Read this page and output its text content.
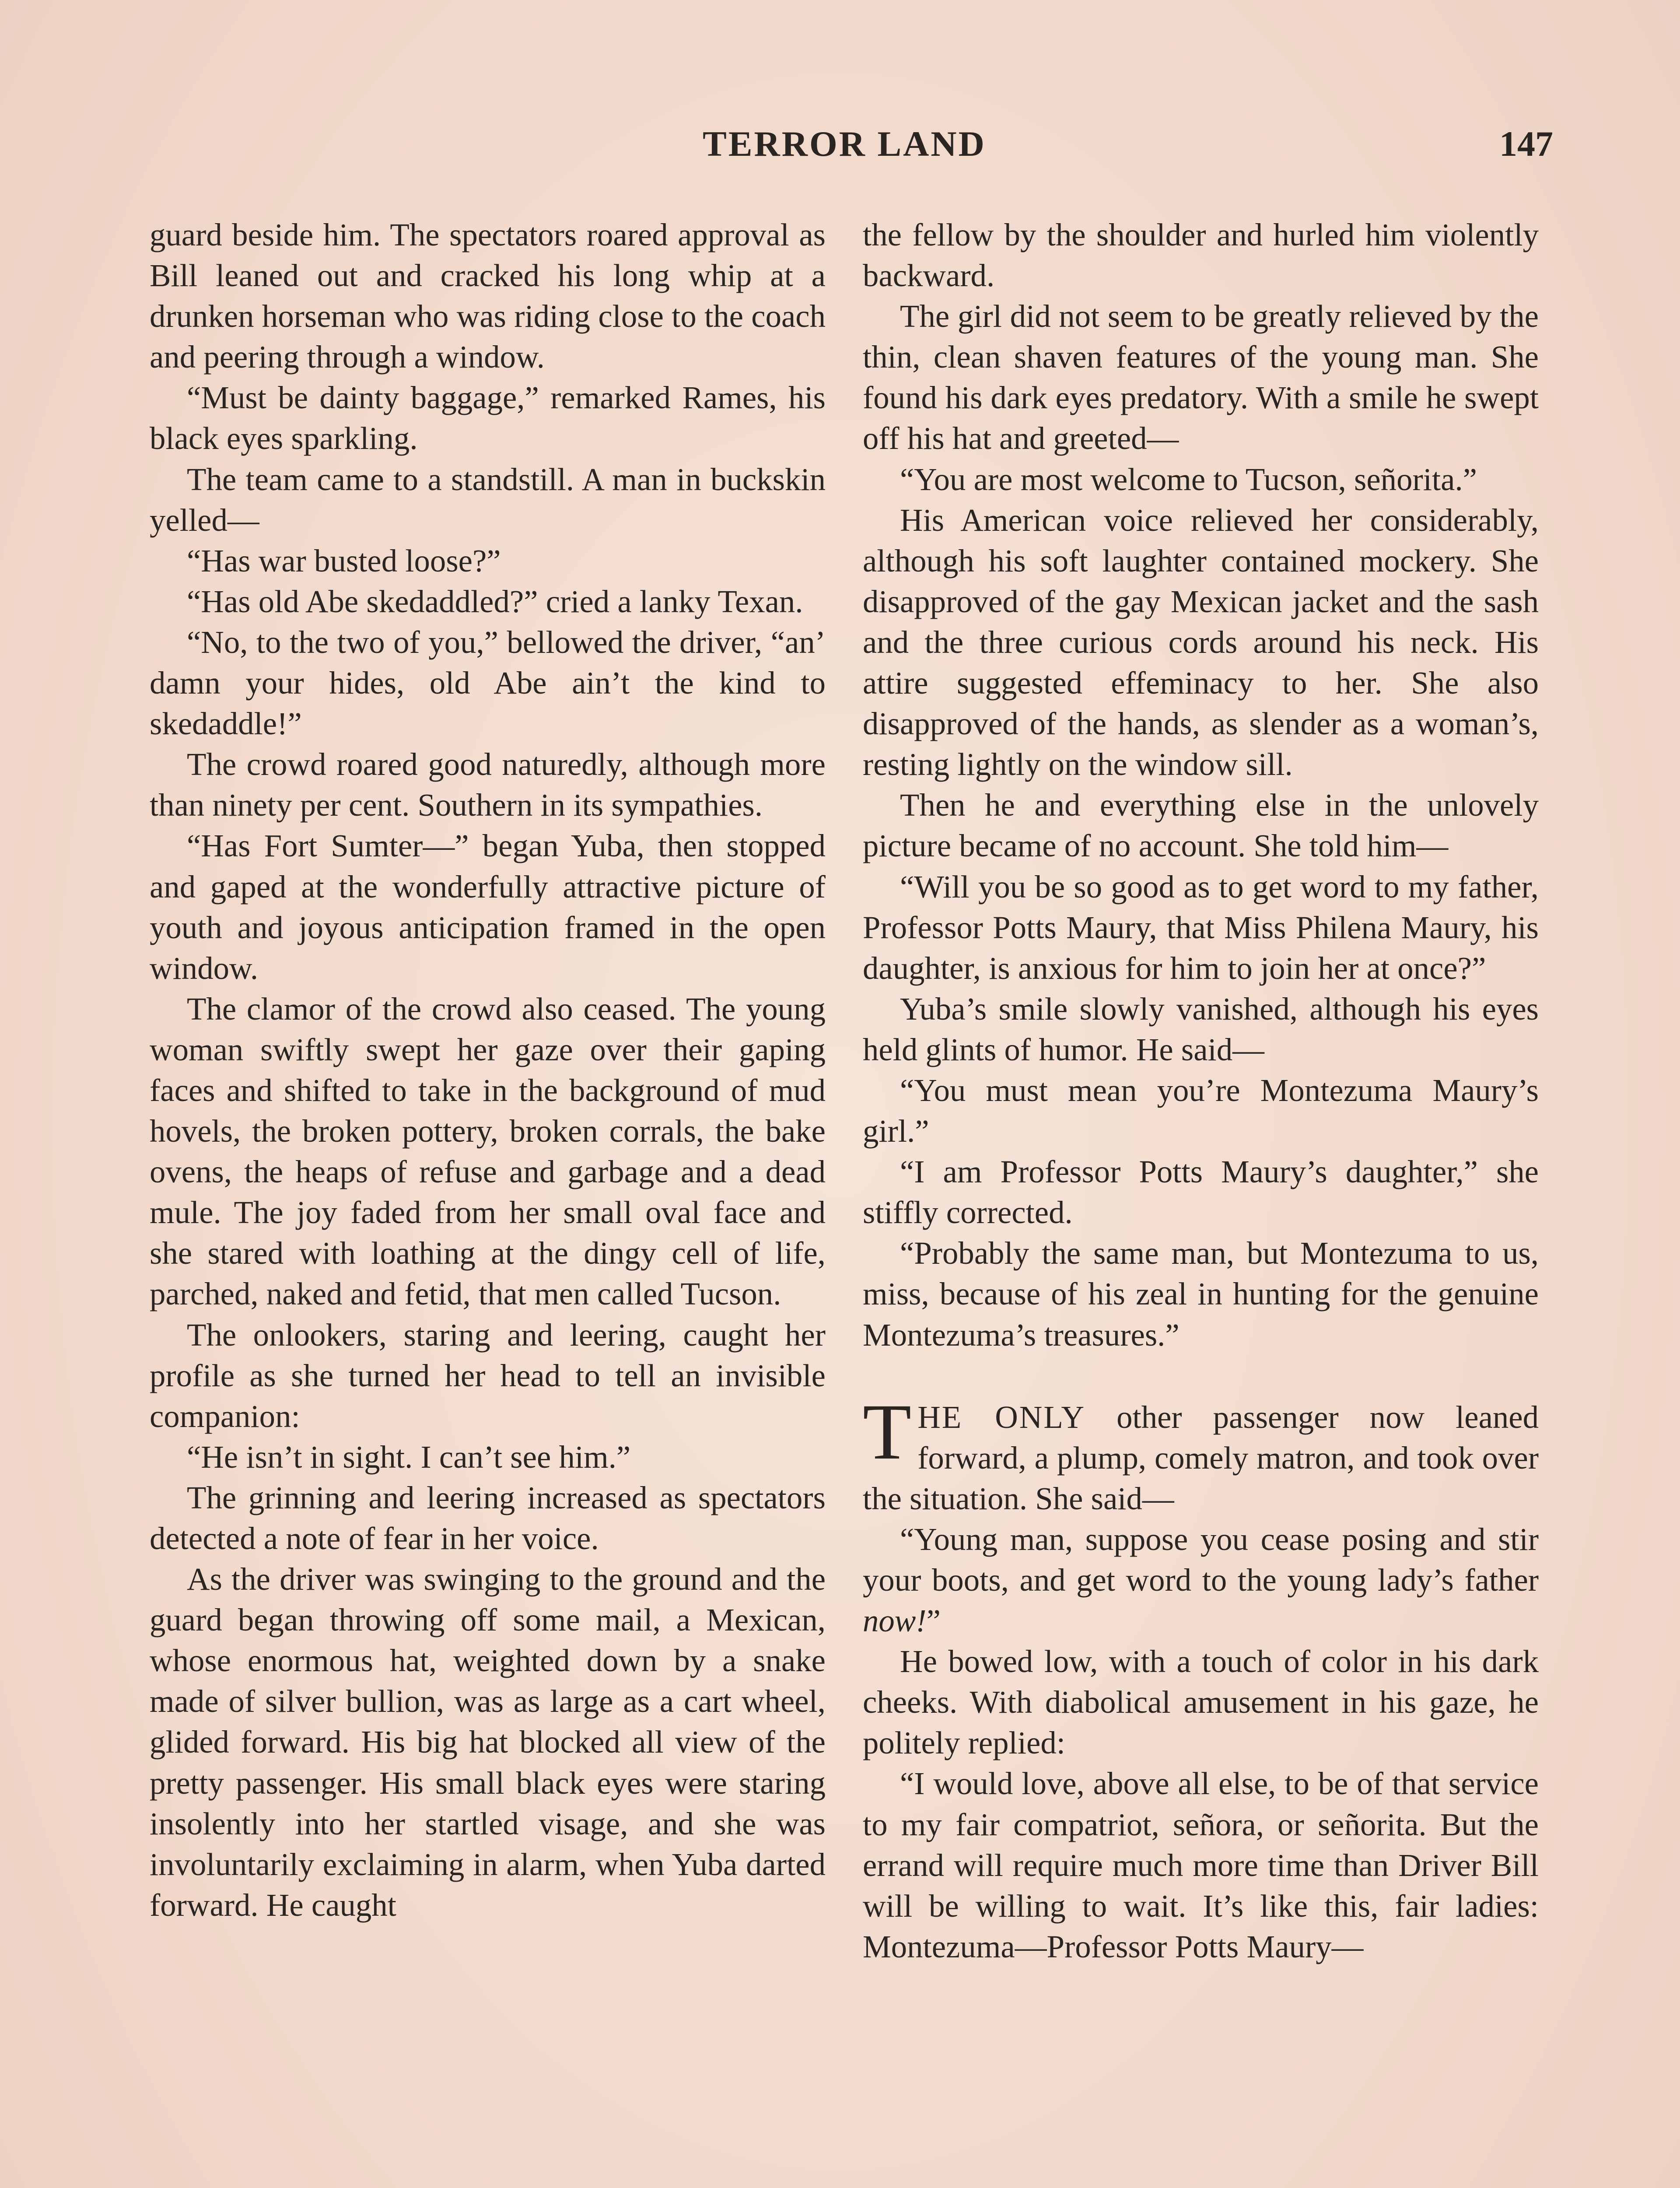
TERROR LAND	147

guard beside him. The spectators roared approval as Bill leaned out and cracked his long whip at a drunken horseman who was riding close to the coach and peering through a window.

“Must be dainty baggage,” remarked Rames, his black eyes sparkling.

The team came to a standstill. A man in buckskin yelled—

“Has war busted loose?”

“Has old Abe skedaddled?” cried a lanky Texan.

“No, to the two of you,” bellowed the driver, “an’ damn your hides, old Abe ain’t the kind to skedaddle!”

The crowd roared good naturedly, although more than ninety per cent. Southern in its sympathies.

“Has Fort Sumter—” began Yuba, then stopped and gaped at the wonderfully attractive picture of youth and joyous anticipation framed in the open window.

The clamor of the crowd also ceased. The young woman swiftly swept her gaze over their gaping faces and shifted to take in the background of mud hovels, the broken pottery, broken corrals, the bake ovens, the heaps of refuse and garbage and a dead mule. The joy faded from her small oval face and she stared with loathing at the dingy cell of life, parched, naked and fetid, that men called Tucson.

The onlookers, staring and leering, caught her profile as she turned her head to tell an invisible companion:

“He isn’t in sight. I can’t see him.”

The grinning and leering increased as spectators detected a note of fear in her voice.

As the driver was swinging to the ground and the guard began throwing off some mail, a Mexican, whose enormous hat, weighted down by a snake made of silver bullion, was as large as a cart wheel, glided forward. His big hat blocked all view of the pretty passenger. His small black eyes were staring insolently into her startled visage, and she was involuntarily exclaiming in alarm, when Yuba darted forward. He caught

the fellow by the shoulder and hurled him violently backward.

The girl did not seem to be greatly relieved by the thin, clean shaven features of the young man. She found his dark eyes predatory. With a smile he swept off his hat and greeted—

“You are most welcome to Tucson, señorita.”

His American voice relieved her considerably, although his soft laughter contained mockery. She disapproved of the gay Mexican jacket and the sash and the three curious cords around his neck. His attire suggested effeminacy to her. She also disapproved of the hands, as slender as a woman’s, resting lightly on the window sill.

Then he and everything else in the unlovely picture became of no account. She told him—

“Will you be so good as to get word to my father, Professor Potts Maury, that Miss Philena Maury, his daughter, is anxious for him to join her at once?”

Yuba’s smile slowly vanished, although his eyes held glints of humor. He said—

“You must mean you’re Montezuma Maury’s girl.”

“I am Professor Potts Maury’s daughter,” she stiffly corrected.

“Probably the same man, but Montezuma to us, miss, because of his zeal in hunting for the genuine Montezuma’s treasures.”

THE ONLY other passenger now leaned forward, a plump, comely matron, and took over the situation. She said—

“Young man, suppose you cease posing and stir your boots, and get word to the young lady’s father now!”

He bowed low, with a touch of color in his dark cheeks. With diabolical amusement in his gaze, he politely replied:

“I would love, above all else, to be of that service to my fair compatriot, señora, or señorita. But the errand will require much more time than Driver Bill will be willing to wait. It’s like this, fair ladies: Montezuma—Professor Potts Maury—
